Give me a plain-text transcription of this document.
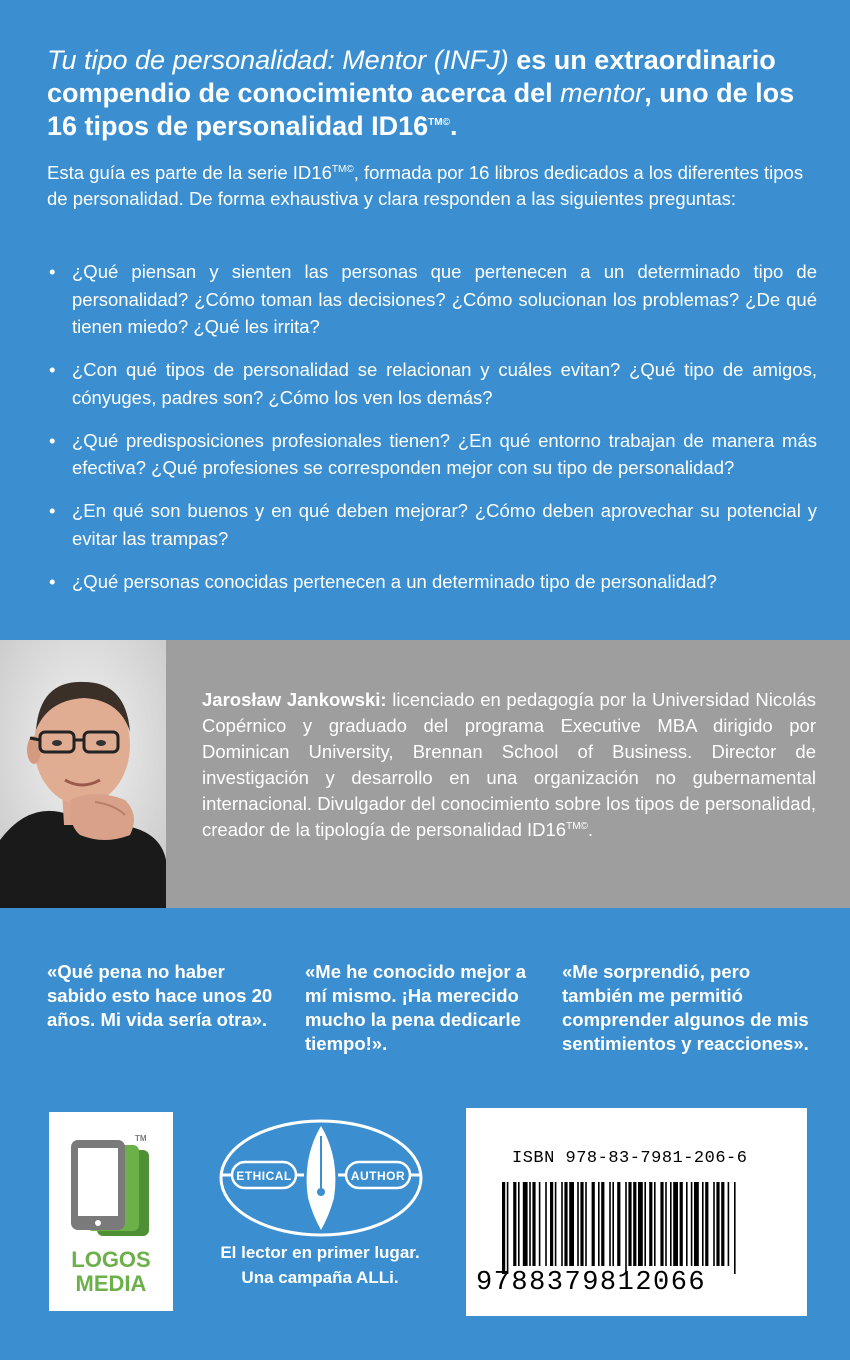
Tu tipo de personalidad: Mentor (INFJ) es un extraordinario compendio de conocimiento acerca del mentor, uno de los 16 tipos de personalidad $ID16^{TM©}$.
Esta guía es parte de la serie $ID16^{TM©}$, formada por 16 libros dedicados a los diferentes tipos de personalidad. De forma exhaustiva y clara responden a las siguientes preguntas:
• ¿Qué piensan y sienten las personas que pertenecen a un determinado tipo de personalidad? ¿Cómo toman las decisiones? ¿Cómo solucionan los problemas? ¿De qué tienen miedo? ¿Qué les irrita?
• ¿Con qué tipos de personalidad se relacionan y cuáles evitan? ¿Qué tipo de amigos, cónyuges, padres son? ¿Cómo los ven los demás?
• ¿Qué predisposiciones profesionales tienen? ¿En qué entorno trabajan de manera más efectiva? ¿Qué profesiones se corresponden mejor con su tipo de personalidad?
• ¿En qué son buenos y en qué deben mejorar? ¿Cómo deben aprovechar su potencial y evitar las trampas?
• ¿Qué personas conocidas pertenecen a un determinado tipo de personalidad?
Jarosław Jankowski: licenciado en pedagogía por la Universidad Nicolás Copérnico y graduado del programa Executive MBA dirigido por Dominican University, Brennan School of Business. Director de investigación y desarrollo en una organización no gubernamental internacional. Divulgador del conocimiento sobre los tipos de personalidad, creador de la tipología de personalidad $ID16^{TM©}$.
«Qué pena no haber sabido esto hace unos 20 años. Mi vida sería otra».
«Me he conocido mejor a mí mismo. ¡Ha merecido mucho la pena dedicarle tiempo!».
«Me sorprendió, pero también me permitió comprender algunos de mis sentimientos y reacciones».
TM
LOGOS
MEDIA
ETHICAL	AUTHOR
El lector en primer lugar.
Una campaña ALLi.
ISBN 978-83-7981-206-6
9788379812066
